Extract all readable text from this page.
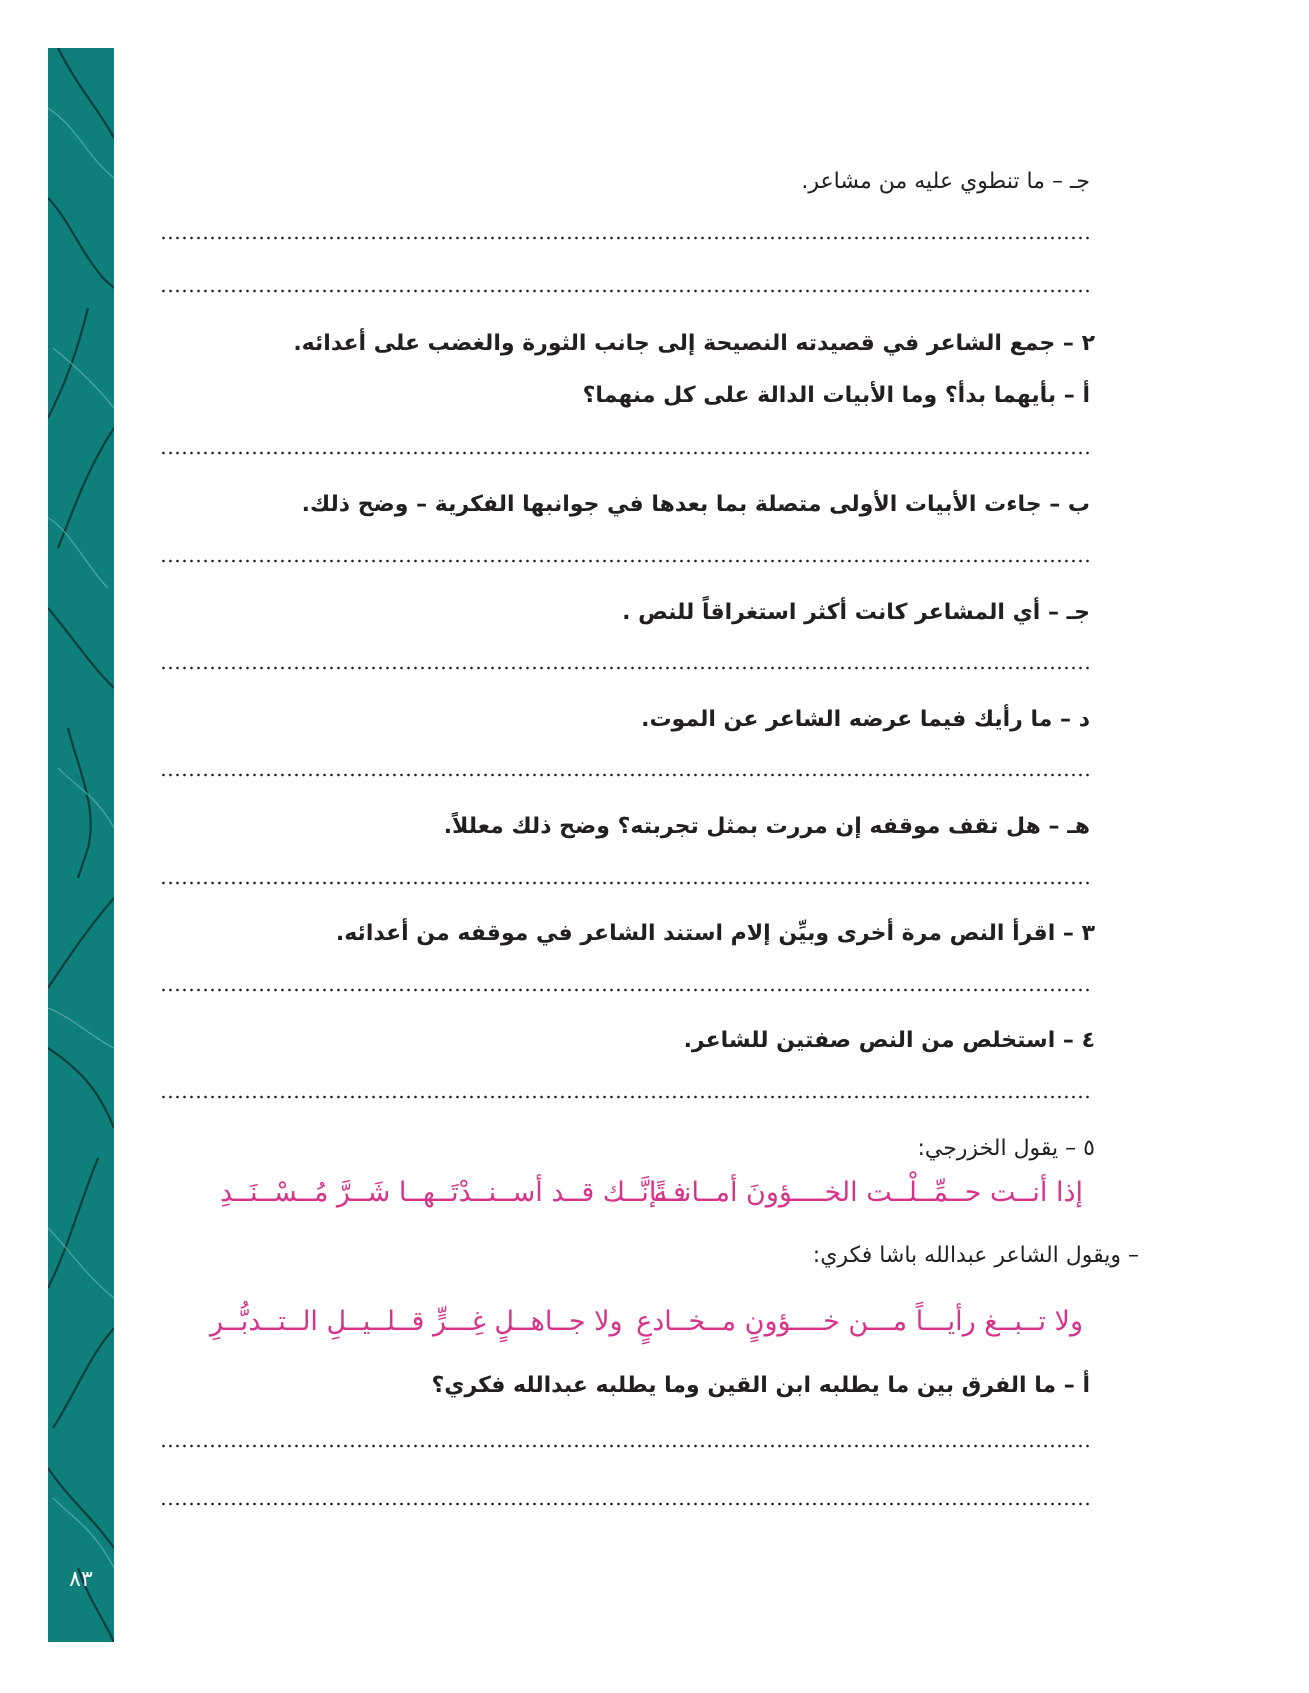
٨٣
جـ – ما تنطوي عليه من مشاعر.
٢ – جمع الشاعر في قصيدته النصيحة إلى جانب الثورة والغضب على أعدائه.
أ – بأيهما بدأ؟ وما الأبيات الدالة على كل منهما؟
ب – جاءت الأبيات الأولى متصلة بما بعدها في جوانبها الفكرية – وضح ذلك.
جـ – أي المشاعر كانت أكثر استغراقاً للنص .
د – ما رأيك فيما عرضه الشاعر عن الموت.
هـ – هل تقف موقفه إن مررت بمثل تجربته؟ وضح ذلك معللاً.
٣ – اقرأ النص مرة أخرى وبيِّن إلام استند الشاعر في موقفه من أعدائه.
٤ – استخلص من النص صفتين للشاعر.
٥ – يقول الخزرجي:
إذا أنــت حــمِّــلْــت الخــــؤونَ أمــانــةً
فــإنَّــك قــد أســنــدْتَــهــا شَــرَّ مُــسْــنَــدِ
– ويقول الشاعر عبدالله باشا فكري:
ولا تــبــغ رأيـــاً مـــن خــــؤونٍ مــخــادعٍ
ولا جــاهــلٍ غِـــرٍّ قــلــيــلِ الــتــدبُّــرِ
أ – ما الفرق بين ما يطلبه ابن القين وما يطلبه عبدالله فكري؟
